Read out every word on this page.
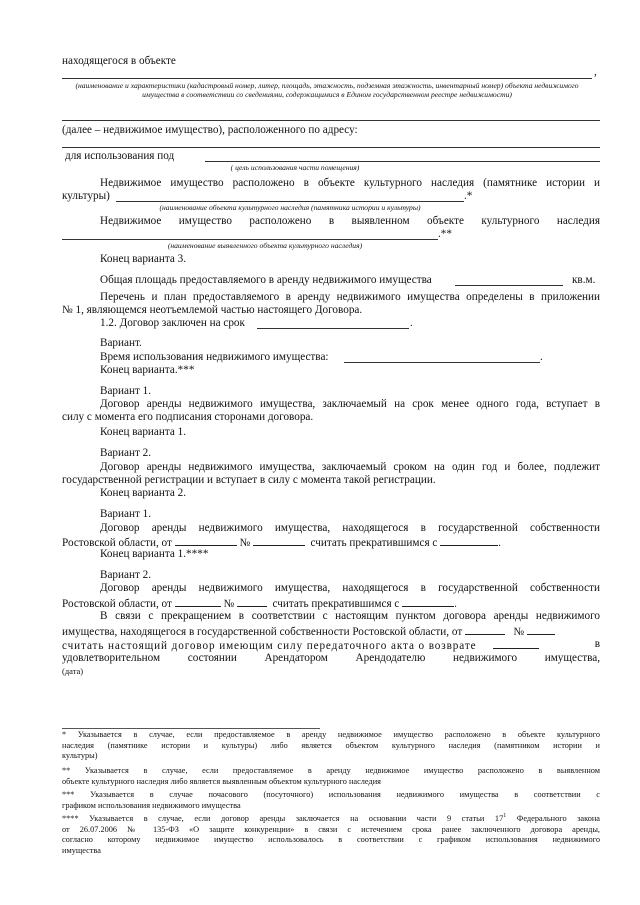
находящегося в объекте
,
(наименование и характеристики (кадастровый номер, литер, площадь, этажность, подземная этажность, инвентарный номер) объекта недвижимого имущества в соответствии со сведениями, содержащимися в Едином государственном реестре недвижимости)
(далее – недвижимое имущество), расположенного по адресу:
для использования под
( цель использования части помещения)
Недвижимое имущество расположено в объекте культурного наследия (памятнике истории и
культуры)	.*
(наименование объекта культурного наследия (памятника истории и культуры)
Недвижимое имущество расположено в выявленном объекте культурного наследия
.**
(наименование выявленного объекта культурного наследия)
Конец варианта 3.
Общая площадь предоставляемого в аренду недвижимого имущества	кв.м.
Перечень и план предоставляемого в аренду недвижимого имущества определены в приложении
№ 1, являющемся неотъемлемой частью настоящего Договора.
1.2. Договор заключен на срок	.
Вариант.
Время использования недвижимого имущества:	.
Конец варианта.***
Вариант 1.
Договор аренды недвижимого имущества, заключаемый на срок менее одного года, вступает в
силу с момента его подписания сторонами договора.
Конец варианта 1.
Вариант 2.
Договор аренды недвижимого имущества, заключаемый сроком на один год и более, подлежит
государственной регистрации и вступает в силу с момента такой регистрации.
Конец варианта 2.
Вариант 1.
Договор аренды недвижимого имущества, находящегося в государственной собственности
Ростовской области, от	№	считать прекратившимся с	.
Конец варианта 1.****
Вариант 2.
Договор аренды недвижимого имущества, находящегося в государственной собственности
Ростовской области, от	№	считать прекратившимся с	.
В связи с прекращением в соответствии с настоящим пунктом договора аренды недвижимого
имущества, находящегося в государственной собственности Ростовской области, от	№
считать настоящий договор имеющим силу передаточного акта о возврате	в
удовлетворительном состоянии Арендатором Арендодателю недвижимого имущества,
(дата)
* Указывается в случае, если предоставляемое в аренду недвижимое имущество расположено в объекте культурного
наследия (памятнике истории и культуры) либо является объектом культурного наследия (памятником истории и
культуры)
** Указывается в случае, если предоставляемое в аренду недвижимое имущество расположено в выявленном
объекте культурного наследия либо является выявленным объектом культурного наследия
*** Указывается в случае почасового (посуточного) использования недвижимого имущества в соответствии с
графиком использования недвижимого имущества
**** Указывается в случае, если договор аренды заключается на основании части 9 статьи $17^1$ Федерального закона
от 26.07.2006 № 135-ФЗ «О защите конкуренции» в связи с истечением срока ранее заключенного договора аренды,
согласно которому недвижимое имущество использовалось в соответствии с графиком использования недвижимого
имущества
